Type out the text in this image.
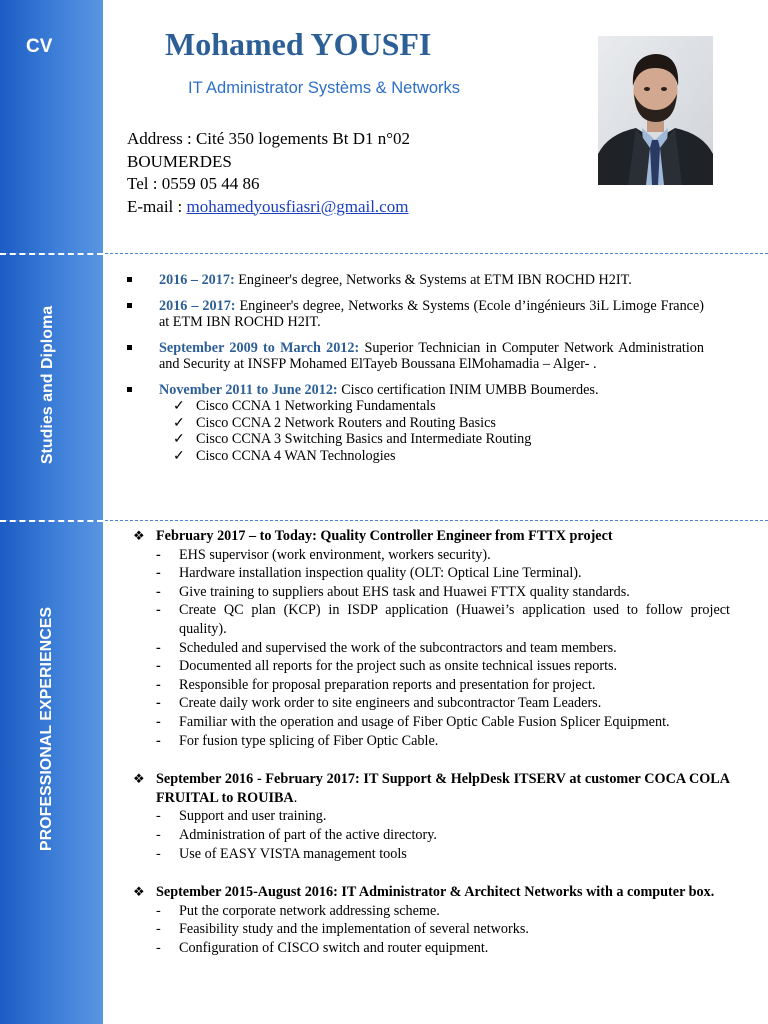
CV
Studies and Diploma
PROFESSIONAL EXPERIENCES
Mohamed YOUSFI
IT Administrator Systèms & Networks
Address : Cité 350 logements Bt D1 n°02
BOUMERDES
Tel : 0559 05 44 86
E-mail : mohamedyousfiasri@gmail.com
2016 – 2017: Engineer's degree, Networks & Systems at ETM IBN ROCHD H2IT.
2016 – 2017: Engineer's degree, Networks & Systems (Ecole d’ingénieurs 3iL Limoge France) at ETM IBN ROCHD H2IT.
September 2009 to March 2012: Superior Technician in Computer Network Administration and Security at INSFP Mohamed ElTayeb Boussana ElMohamadia – Alger- .
November 2011 to June 2012: Cisco certification INIM UMBB Boumerdes.
✓ Cisco CCNA 1 Networking Fundamentals
✓ Cisco CCNA 2 Network Routers and Routing Basics
✓ Cisco CCNA 3 Switching Basics and Intermediate Routing
✓ Cisco CCNA 4 WAN Technologies
❖ February 2017 – to Today: Quality Controller Engineer from FTTX project
- EHS supervisor (work environment, workers security).
- Hardware installation inspection quality (OLT: Optical Line Terminal).
- Give training to suppliers about EHS task and Huawei FTTX quality standards.
- Create QC plan (KCP) in ISDP application (Huawei’s application used to follow project quality).
- Scheduled and supervised the work of the subcontractors and team members.
- Documented all reports for the project such as onsite technical issues reports.
- Responsible for proposal preparation reports and presentation for project.
- Create daily work order to site engineers and subcontractor Team Leaders.
- Familiar with the operation and usage of Fiber Optic Cable Fusion Splicer Equipment.
- For fusion type splicing of Fiber Optic Cable.
❖ September 2016 - February 2017: IT Support & HelpDesk ITSERV at customer COCA COLA FRUITAL to ROUIBA.
- Support and user training.
- Administration of part of the active directory.
- Use of EASY VISTA management tools
❖ September 2015-August 2016: IT Administrator & Architect Networks with a computer box.
- Put the corporate network addressing scheme.
- Feasibility study and the implementation of several networks.
- Configuration of CISCO switch and router equipment.
